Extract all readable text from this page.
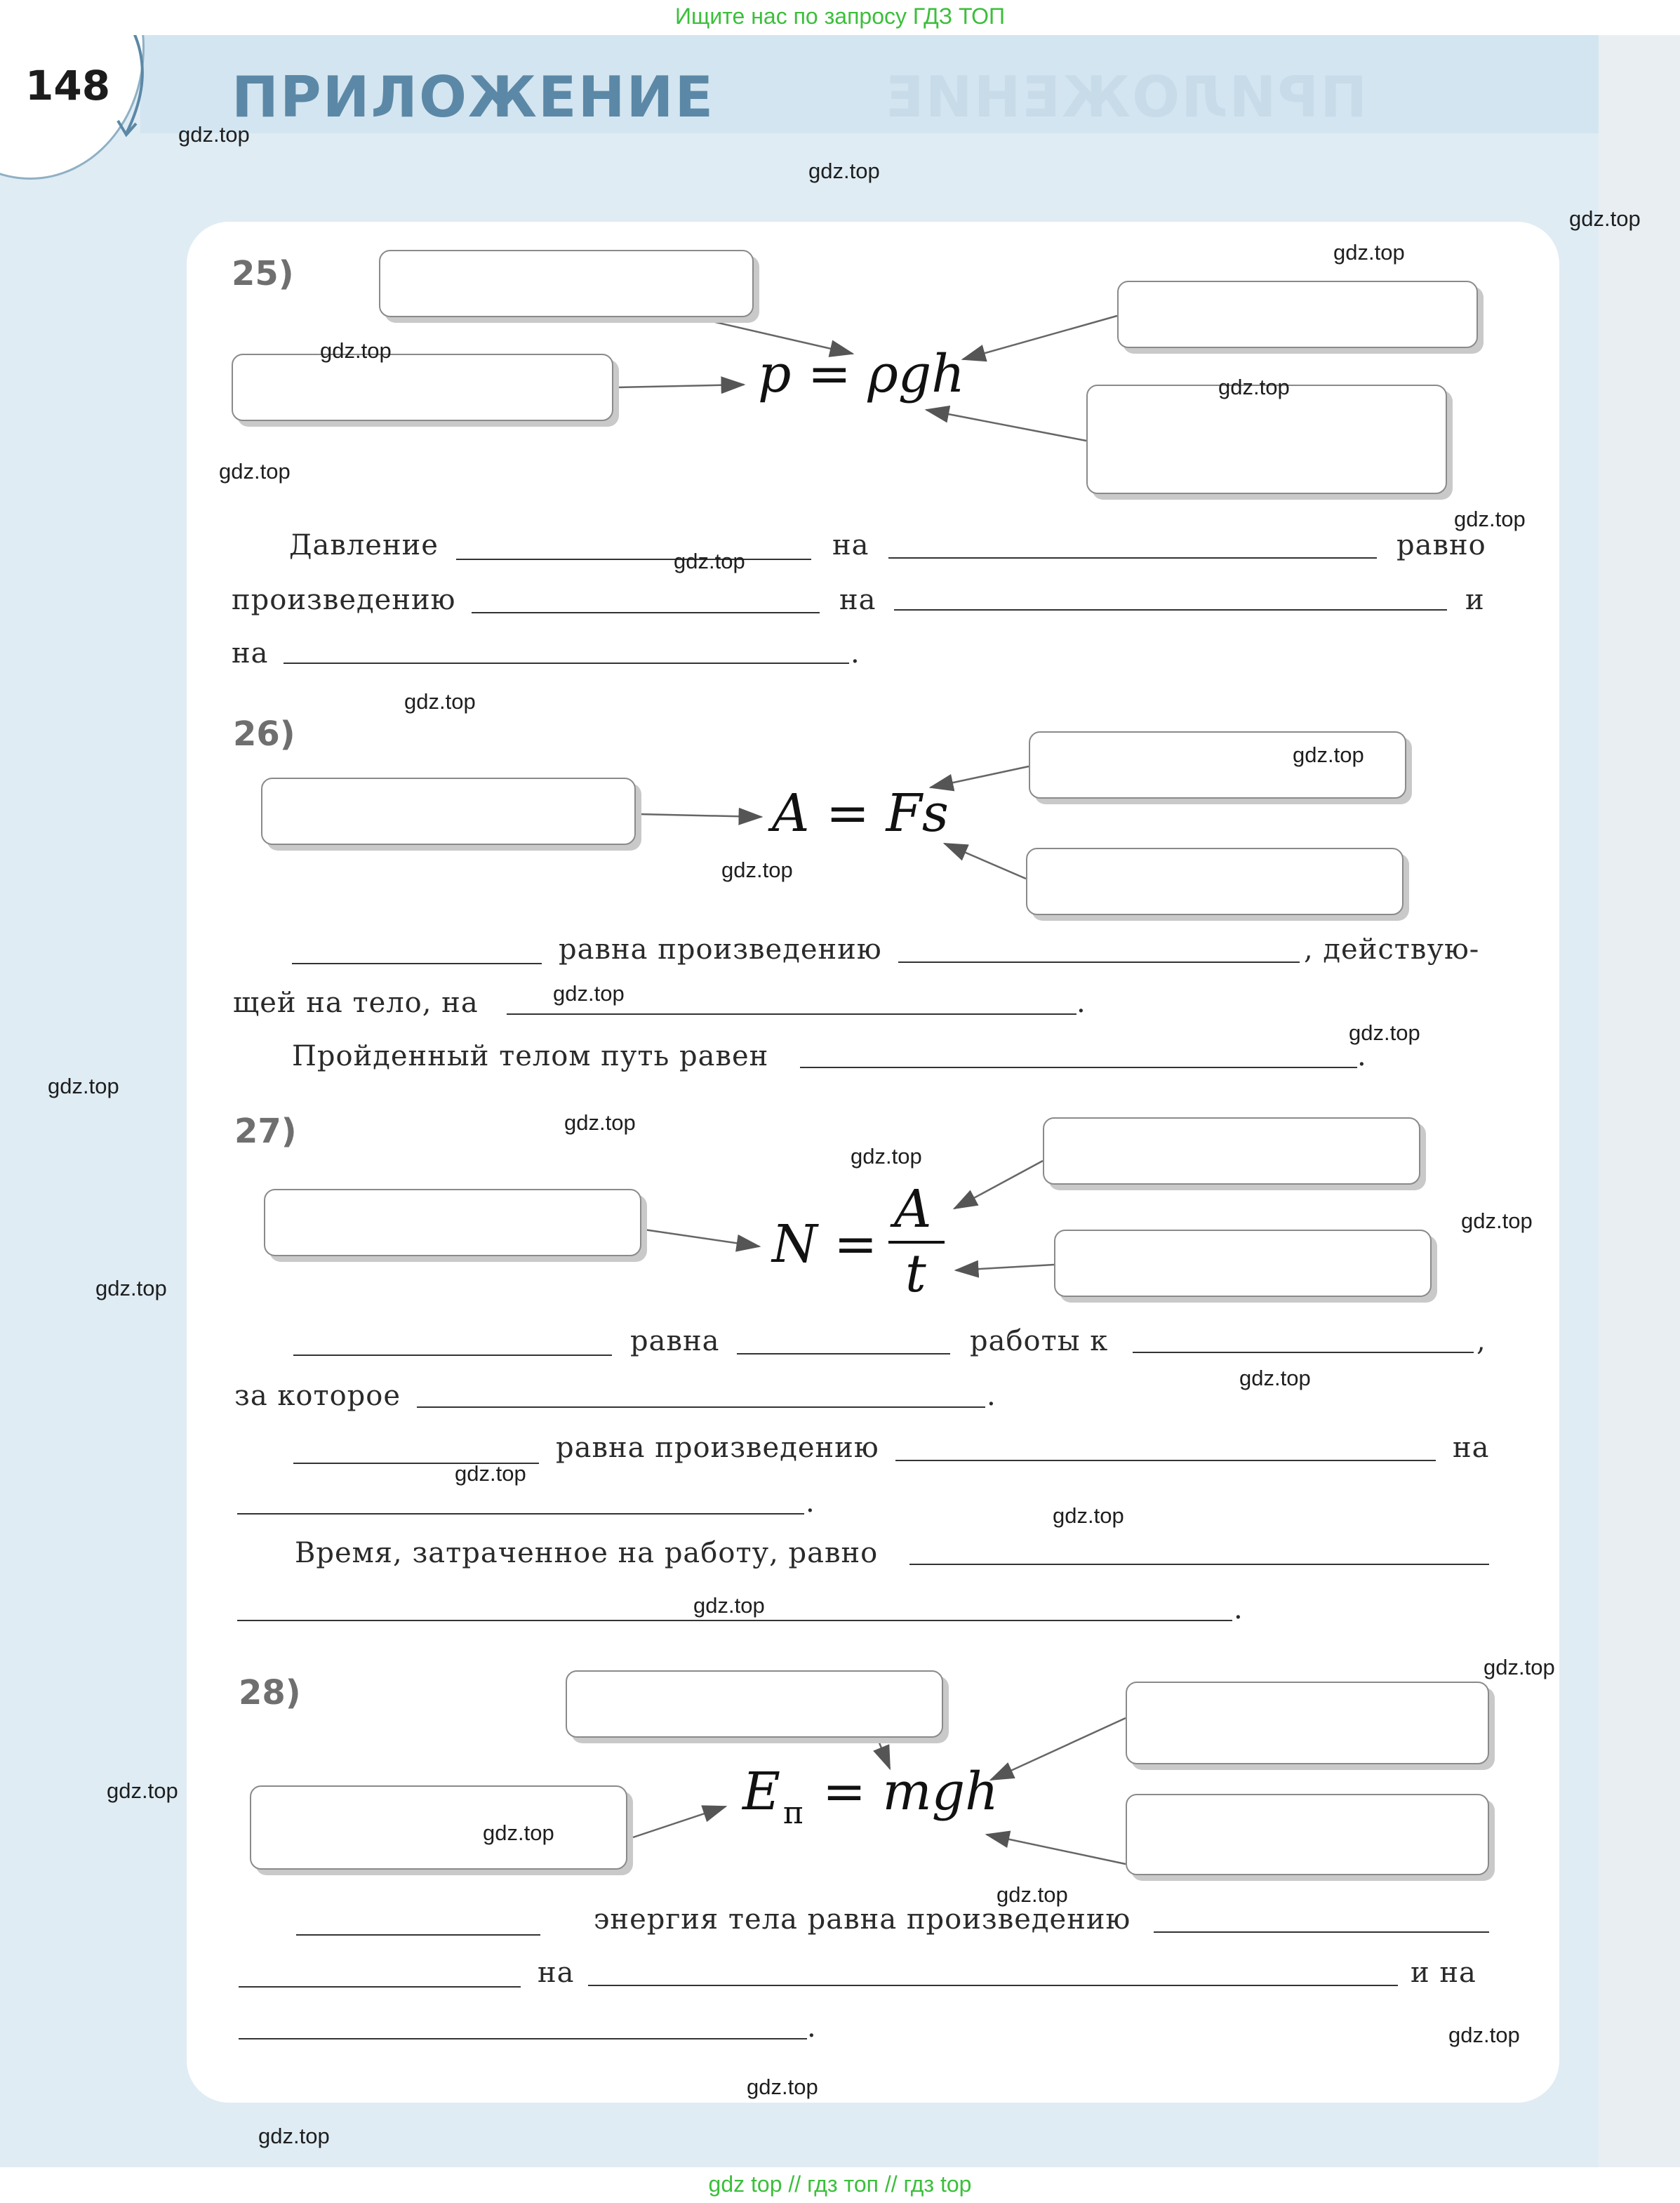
ПРИЛОЖЕНИЕ
148 ПРИЛОЖЕНИЕ
25)
p = ρgh
Давление	на	равно
произведению	на	и
на	.
26)
A = Fs
равна произведению	, действую-
щей на тело, на	.
Пройденный телом путь равен	.
27)
N =
A
t
равна	работы к	,
за которое	.
равна произведению	на
.
Время, затраченное на работу, равно
.
28)
E п = mgh
энергия тела равна произведению
на	и на
.
gdz.top
gdz.top
gdz.top
gdz.top
gdz.top
gdz.top
gdz.top
gdz.top
gdz.top
gdz.top
gdz.top
gdz.top
gdz.top
gdz.top
gdz.top
gdz.top
gdz.top
gdz.top
gdz.top
gdz.top
gdz.top
gdz.top
gdz.top
gdz.top
gdz.top
gdz.top
gdz.top
gdz.top
gdz.top
gdz.top
Ищите нас по запросу ГДЗ ТОП
gdz top // гдз топ // гдз top
